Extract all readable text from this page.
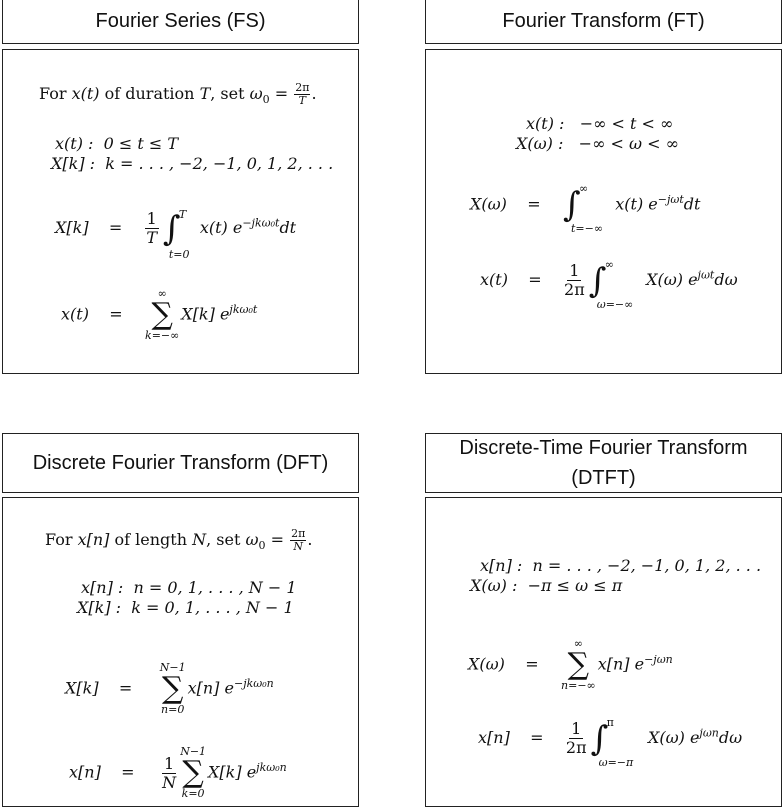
Fourier Series (FS)
For x(t) of duration T, set $\omega_0 = \frac{2\pi}{T}$ .
x(t) : 0 ≤ t ≤ T
X[k] : k = . . . , −2, −1, 0, 1, 2, . . .
$X[k] = \frac{1}{T}$ ∫
T
t=0
x(t) $e^{-jk\omega_0t}dt$
x(t) =
∞
∑
k=−∞
X[k] $e^{jk\omega_0t}$
Fourier Transform (FT)
x(t) : −∞ < t < ∞
X(ω) : −∞ < ω < ∞
X(ω) = ∫
∞
t=−∞
x(t) $e^{-j\omega t}dt$
$x(t) = \frac{1}{2\pi}$ ∫
∞
ω=−∞
X(ω) $e^{j\omega t}d\omega$
Discrete Fourier Transform (DFT)
For x[n] of length N, set $\omega_0 = \frac{2\pi}{N}$ .
x[n] : n = 0, 1, . . . , N − 1
X[k] : k = 0, 1, . . . , N − 1
X[k] =
N−1
∑
n=0
x[n] $e^{-jk\omega_0n}$
$x[n] = \frac{1}{N}$
N−1
∑
k=0
X[k] $e^{jk\omega_0n}$
Discrete-Time Fourier Transform (DTFT)
x[n] : n = . . . , −2, −1, 0, 1, 2, . . .
X(ω) : −π ≤ ω ≤ π
X(ω) =
∞
∑
n=−∞
x[n] $e^{-j\omega n}$
$x[n] = \frac{1}{2\pi}$ ∫
π
ω=−π
X(ω) $e^{j\omega n}d\omega$
